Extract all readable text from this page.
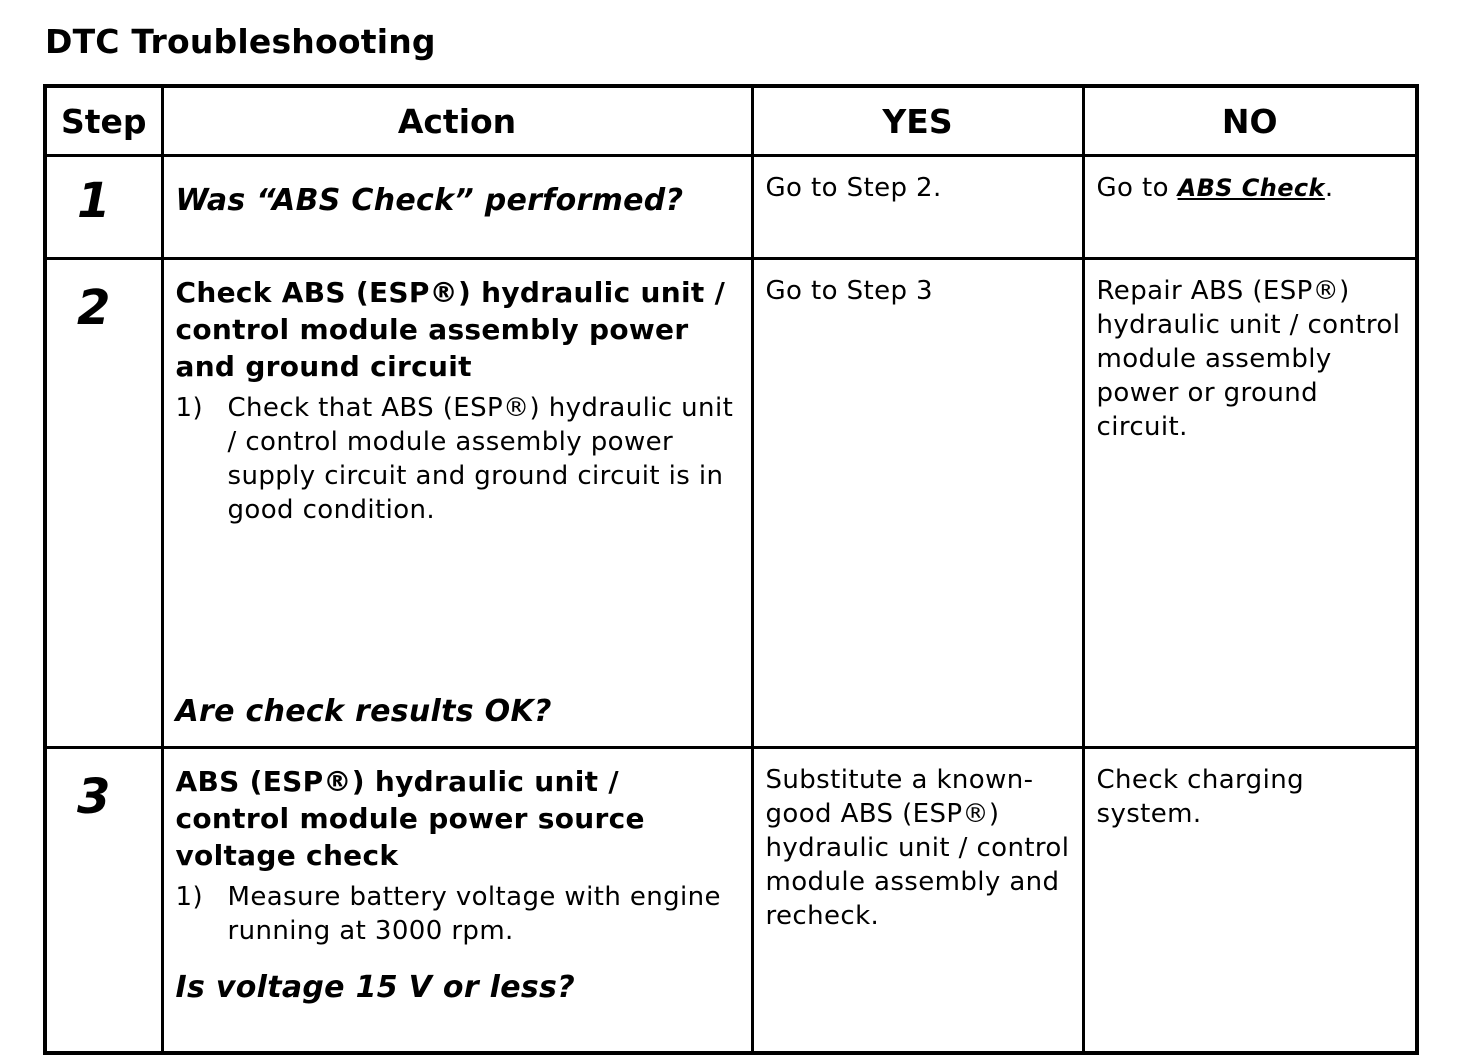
DTC Troubleshooting
Step	Action	YES	NO

1	Was “ABS Check” performed?	Go to Step 2.	Go to ABS Check.

2	Check ABS (ESP®) hydraulic unit / control module assembly power and ground circuit
1) Check that ABS (ESP®) hydraulic unit / control module assembly power supply circuit and ground circuit is in good condition.
Are check results OK?	Go to Step 3	Repair ABS (ESP®) hydraulic unit / control module assembly power or ground circuit.

3	ABS (ESP®) hydraulic unit / control module power source voltage check
1) Measure battery voltage with engine running at 3000 rpm.
Is voltage 15 V or less?	Substitute a known-good ABS (ESP®) hydraulic unit / control module assembly and recheck.	Check charging system.
